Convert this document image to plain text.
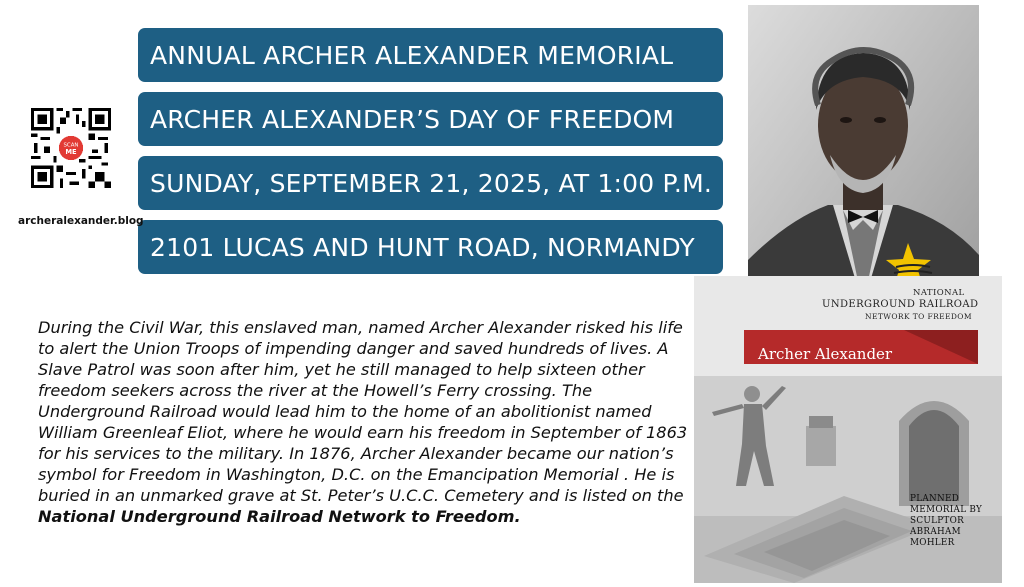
ANNUAL ARCHER ALEXANDER MEMORIAL
ARCHER ALEXANDER’S DAY OF FREEDOM
SUNDAY, SEPTEMBER 21, 2025, AT 1:00 P.M.
2101 LUCAS AND HUNT ROAD, NORMANDY
SCAN
ME
archeralexander.blog

During the Civil War, this enslaved man, named Archer Alexander risked his life to alert the Union Troops of impending danger and saved hundreds of lives. A Slave Patrol was soon after him, yet he still managed to help sixteen other freedom seekers across the river at the Howell’s Ferry crossing. The Underground Railroad would lead him to the home of an abolitionist named William Greenleaf Eliot, where he would earn his freedom in September of 1863 for his services to the military. In 1876, Archer Alexander became our nation’s symbol for Freedom in Washington, D.C. on the Emancipation Memorial . He is buried in an unmarked grave at St. Peter’s U.C.C. Cemetery and is listed on the National Underground Railroad Network to Freedom.

NATIONAL
UNDERGROUND RAILROAD
NETWORK TO FREEDOM
Archer Alexander
PLANNED
MEMORIAL BY
SCULPTOR
ABRAHAM
MOHLER
